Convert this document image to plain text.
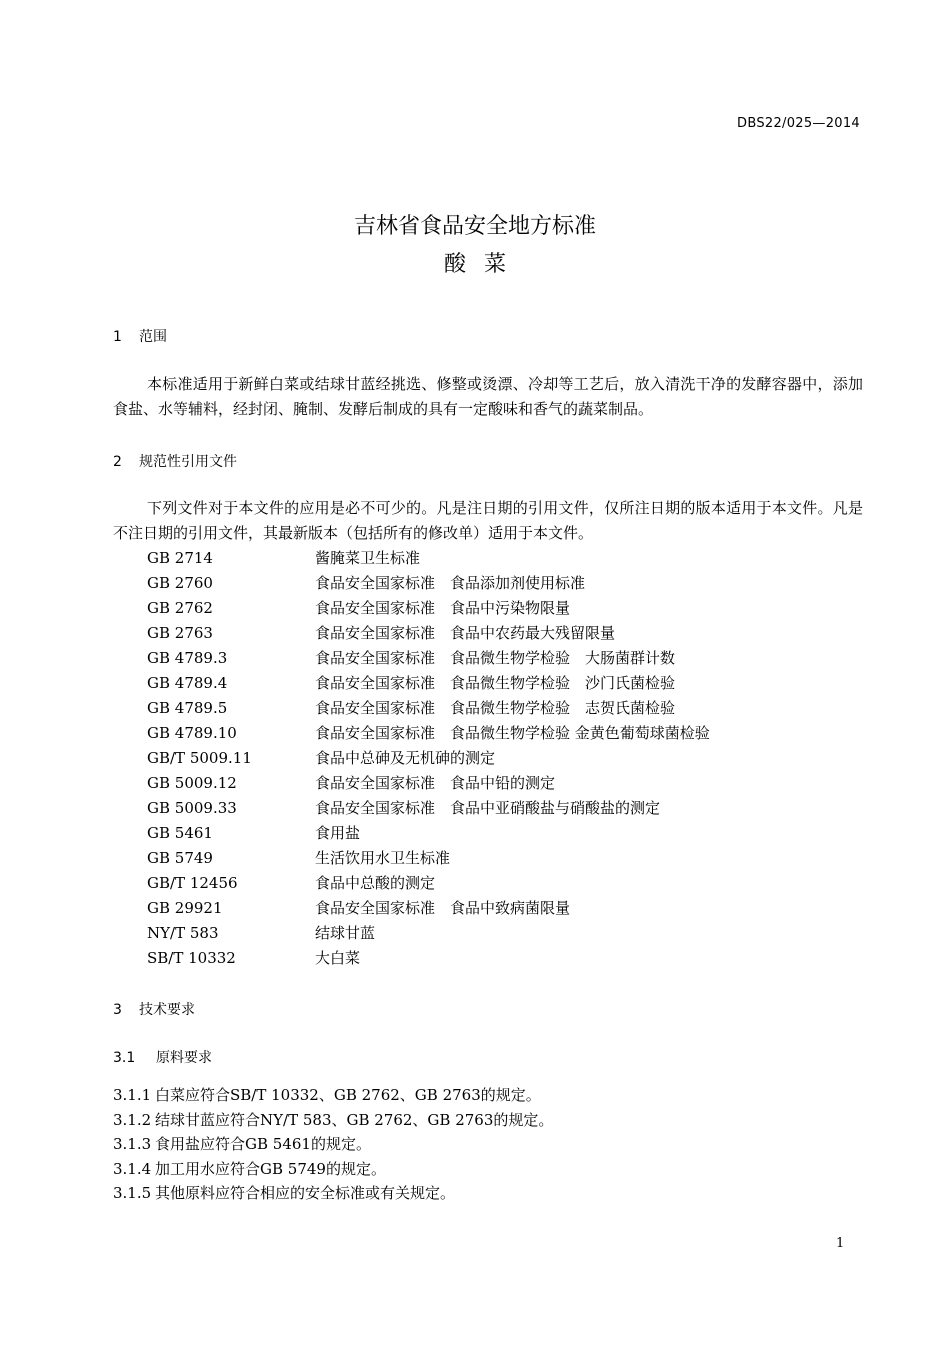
DBS22/025—2014
吉林省食品安全地方标准
酸菜
1 范围
本标准适用于新鲜白菜或结球甘蓝经挑选、修整或烫漂、冷却等工艺后，放入清洗干净的发酵容器中，添加食盐、水等辅料，经封闭、腌制、发酵后制成的具有一定酸味和香气的蔬菜制品。
2 规范性引用文件
下列文件对于本文件的应用是必不可少的。凡是注日期的引用文件，仅所注日期的版本适用于本文件。凡是不注日期的引用文件，其最新版本（包括所有的修改单）适用于本文件。
GB 2714	酱腌菜卫生标准
GB 2760	食品安全国家标准　食品添加剂使用标准
GB 2762	食品安全国家标准　食品中污染物限量
GB 2763	食品安全国家标准　食品中农药最大残留限量
GB 4789.3	食品安全国家标准　食品微生物学检验　大肠菌群计数
GB 4789.4	食品安全国家标准　食品微生物学检验　沙门氏菌检验
GB 4789.5	食品安全国家标准　食品微生物学检验　志贺氏菌检验
GB 4789.10	食品安全国家标准　食品微生物学检验 金黄色葡萄球菌检验
GB/T 5009.11	食品中总砷及无机砷的测定
GB 5009.12	食品安全国家标准　食品中铅的测定
GB 5009.33	食品安全国家标准　食品中亚硝酸盐与硝酸盐的测定
GB 5461	食用盐
GB 5749	生活饮用水卫生标准
GB/T 12456	食品中总酸的测定
GB 29921	食品安全国家标准　食品中致病菌限量
NY/T 583	结球甘蓝
SB/T 10332	大白菜
3 技术要求
3.1 原料要求
3.1.1 白菜应符合SB/T 10332、GB 2762、GB 2763的规定。
3.1.2 结球甘蓝应符合NY/T 583、GB 2762、GB 2763的规定。
3.1.3 食用盐应符合GB 5461的规定。
3.1.4 加工用水应符合GB 5749的规定。
3.1.5 其他原料应符合相应的安全标准或有关规定。
1
